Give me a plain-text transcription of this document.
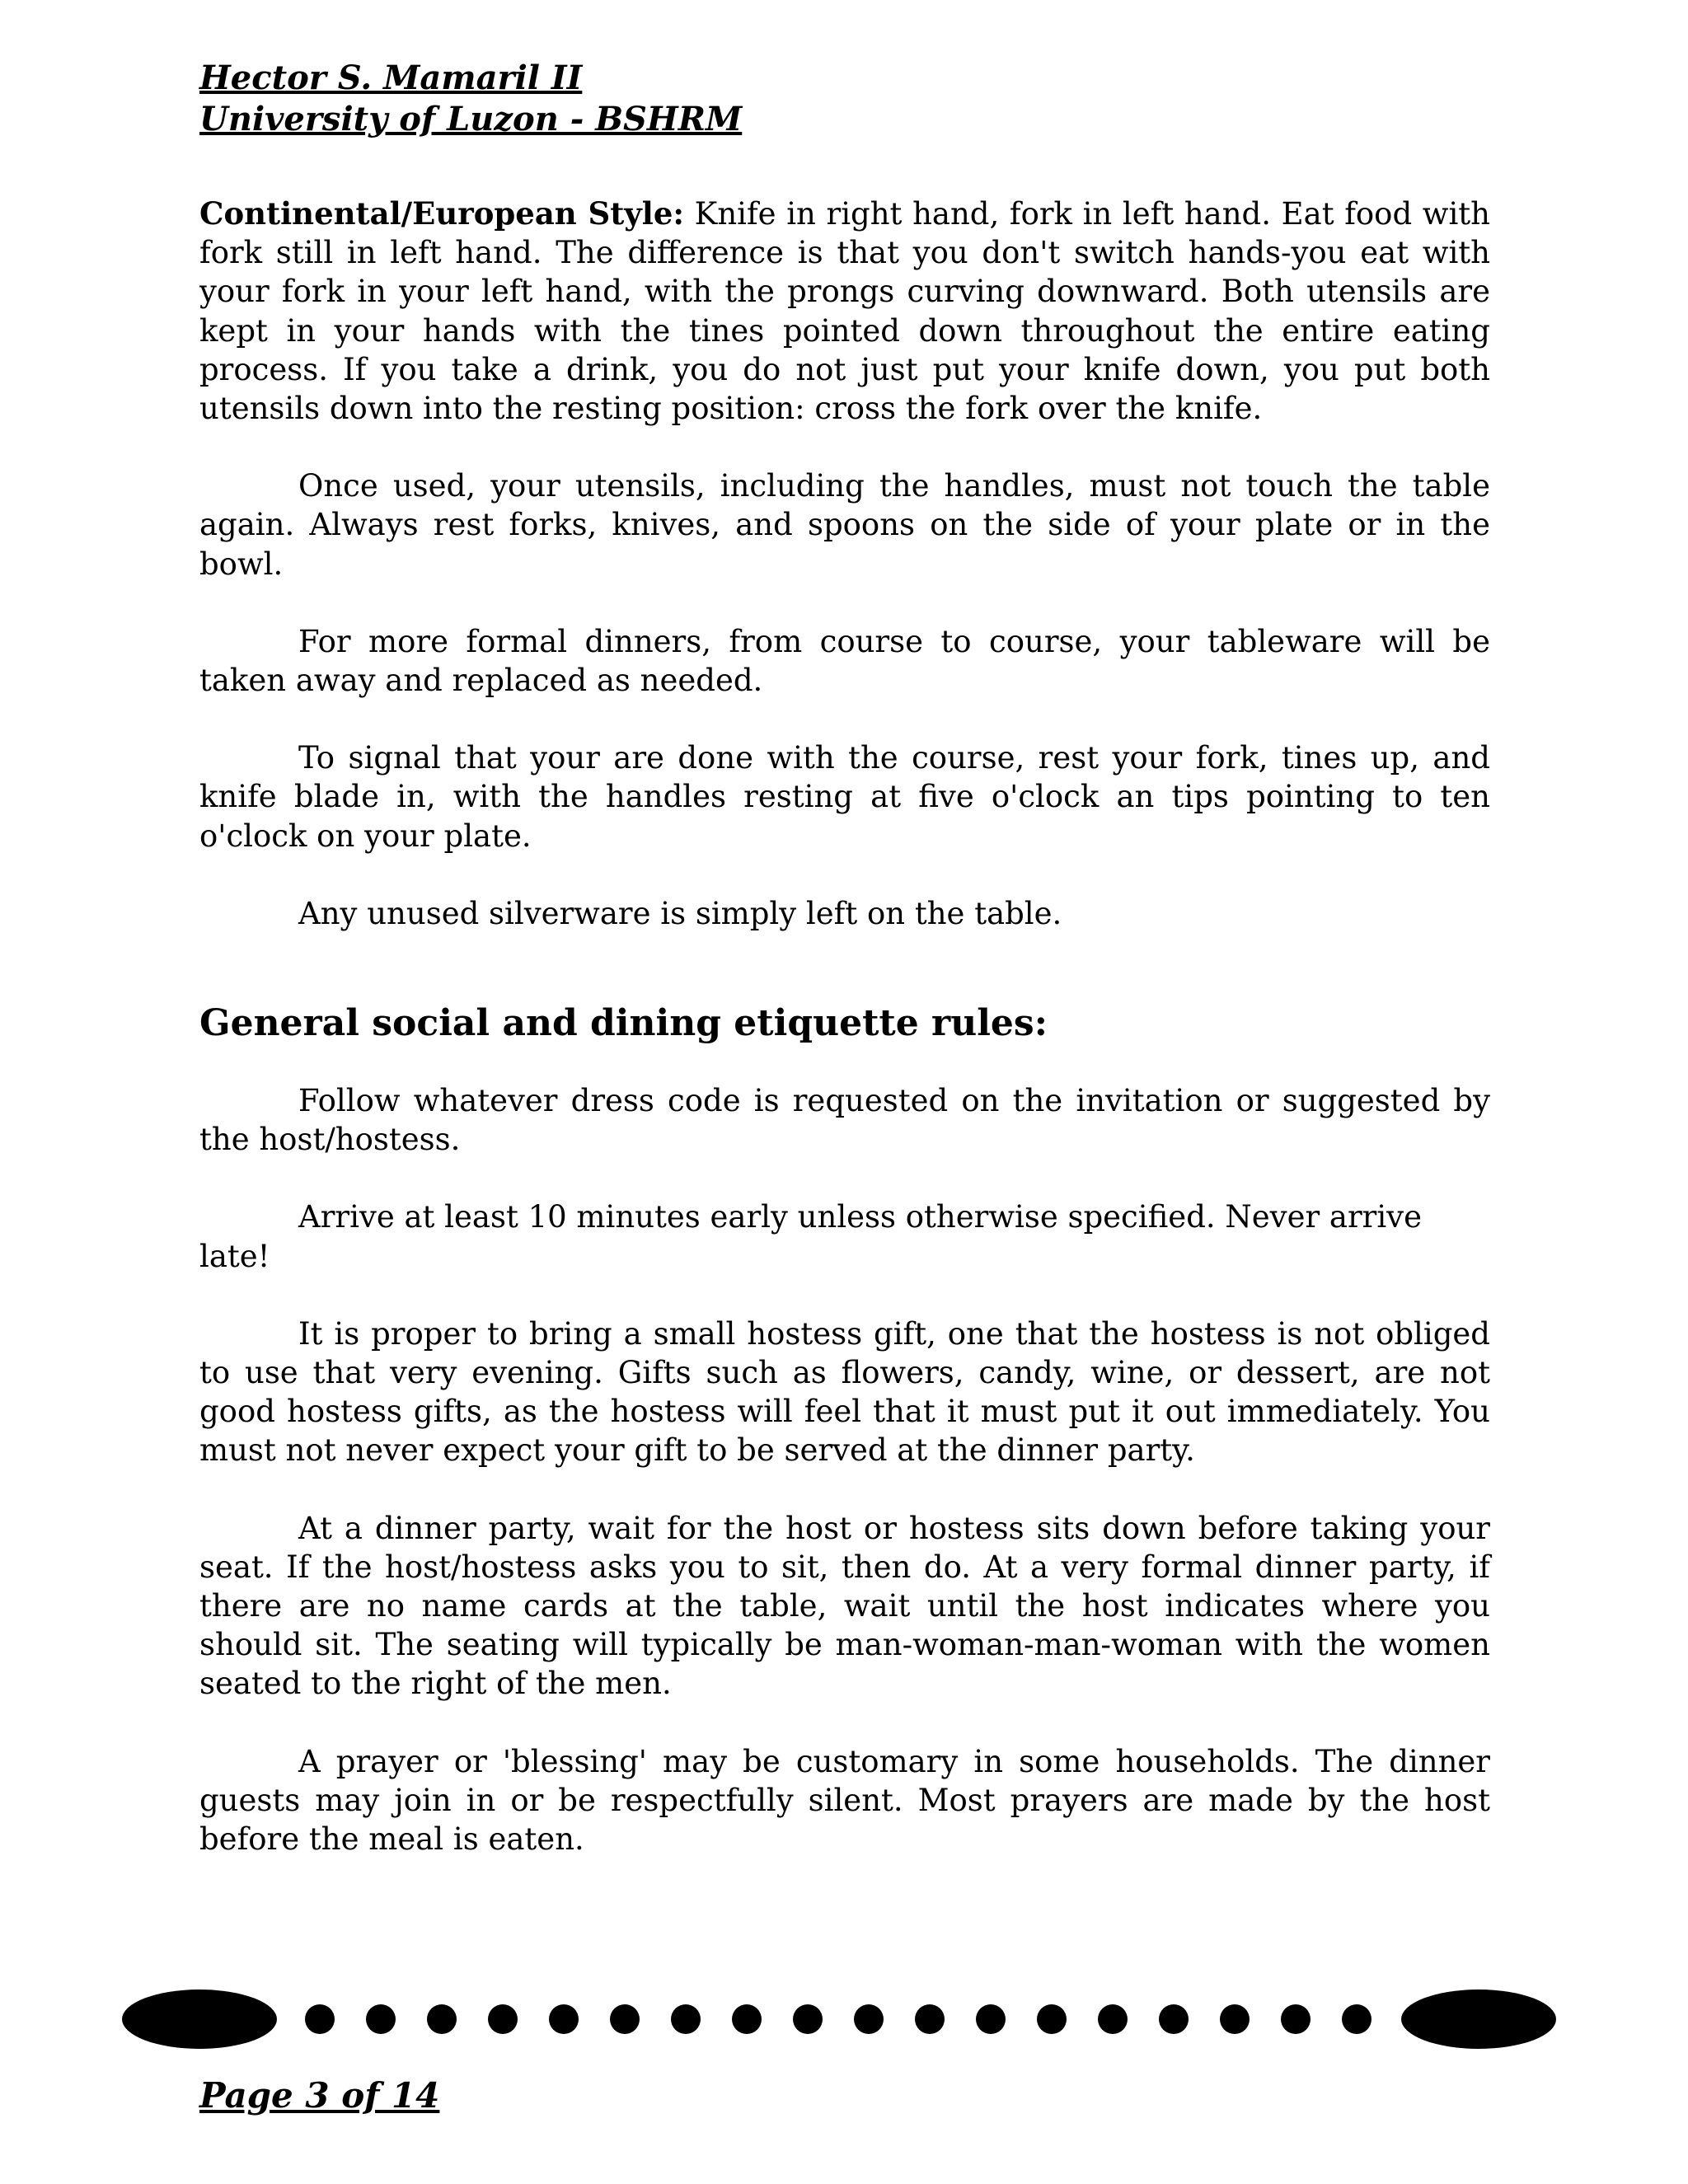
Hector S. Mamaril II

University of Luzon - BSHRM

Continental/European Style: Knife in right hand, fork in left hand. Eat food with fork still in left hand. The difference is that you don't switch hands-you eat with your fork in your left hand, with the prongs curving downward. Both utensils are kept in your hands with the tines pointed down throughout the entire eating process. If you take a drink, you do not just put your knife down, you put both utensils down into the resting position: cross the fork over the knife.

Once used, your utensils, including the handles, must not touch the table again. Always rest forks, knives, and spoons on the side of your plate or in the bowl.

For more formal dinners, from course to course, your tableware will be taken away and replaced as needed.

To signal that your are done with the course, rest your fork, tines up, and knife blade in, with the handles resting at five o'clock an tips pointing to ten o'clock on your plate.

Any unused silverware is simply left on the table.

General social and dining etiquette rules:

Follow whatever dress code is requested on the invitation or suggested by the host/hostess.

Arrive at least 10 minutes early unless otherwise specified. Never arrive late!

It is proper to bring a small hostess gift, one that the hostess is not obliged to use that very evening. Gifts such as flowers, candy, wine, or dessert, are not good hostess gifts, as the hostess will feel that it must put it out immediately. You must not never expect your gift to be served at the dinner party.

At a dinner party, wait for the host or hostess sits down before taking your seat. If the host/hostess asks you to sit, then do. At a very formal dinner party, if there are no name cards at the table, wait until the host indicates where you should sit. The seating will typically be man-woman-man-woman with the women seated to the right of the men.

A prayer or 'blessing' may be customary in some households. The dinner guests may join in or be respectfully silent. Most prayers are made by the host before the meal is eaten.

Page 3 of 14
